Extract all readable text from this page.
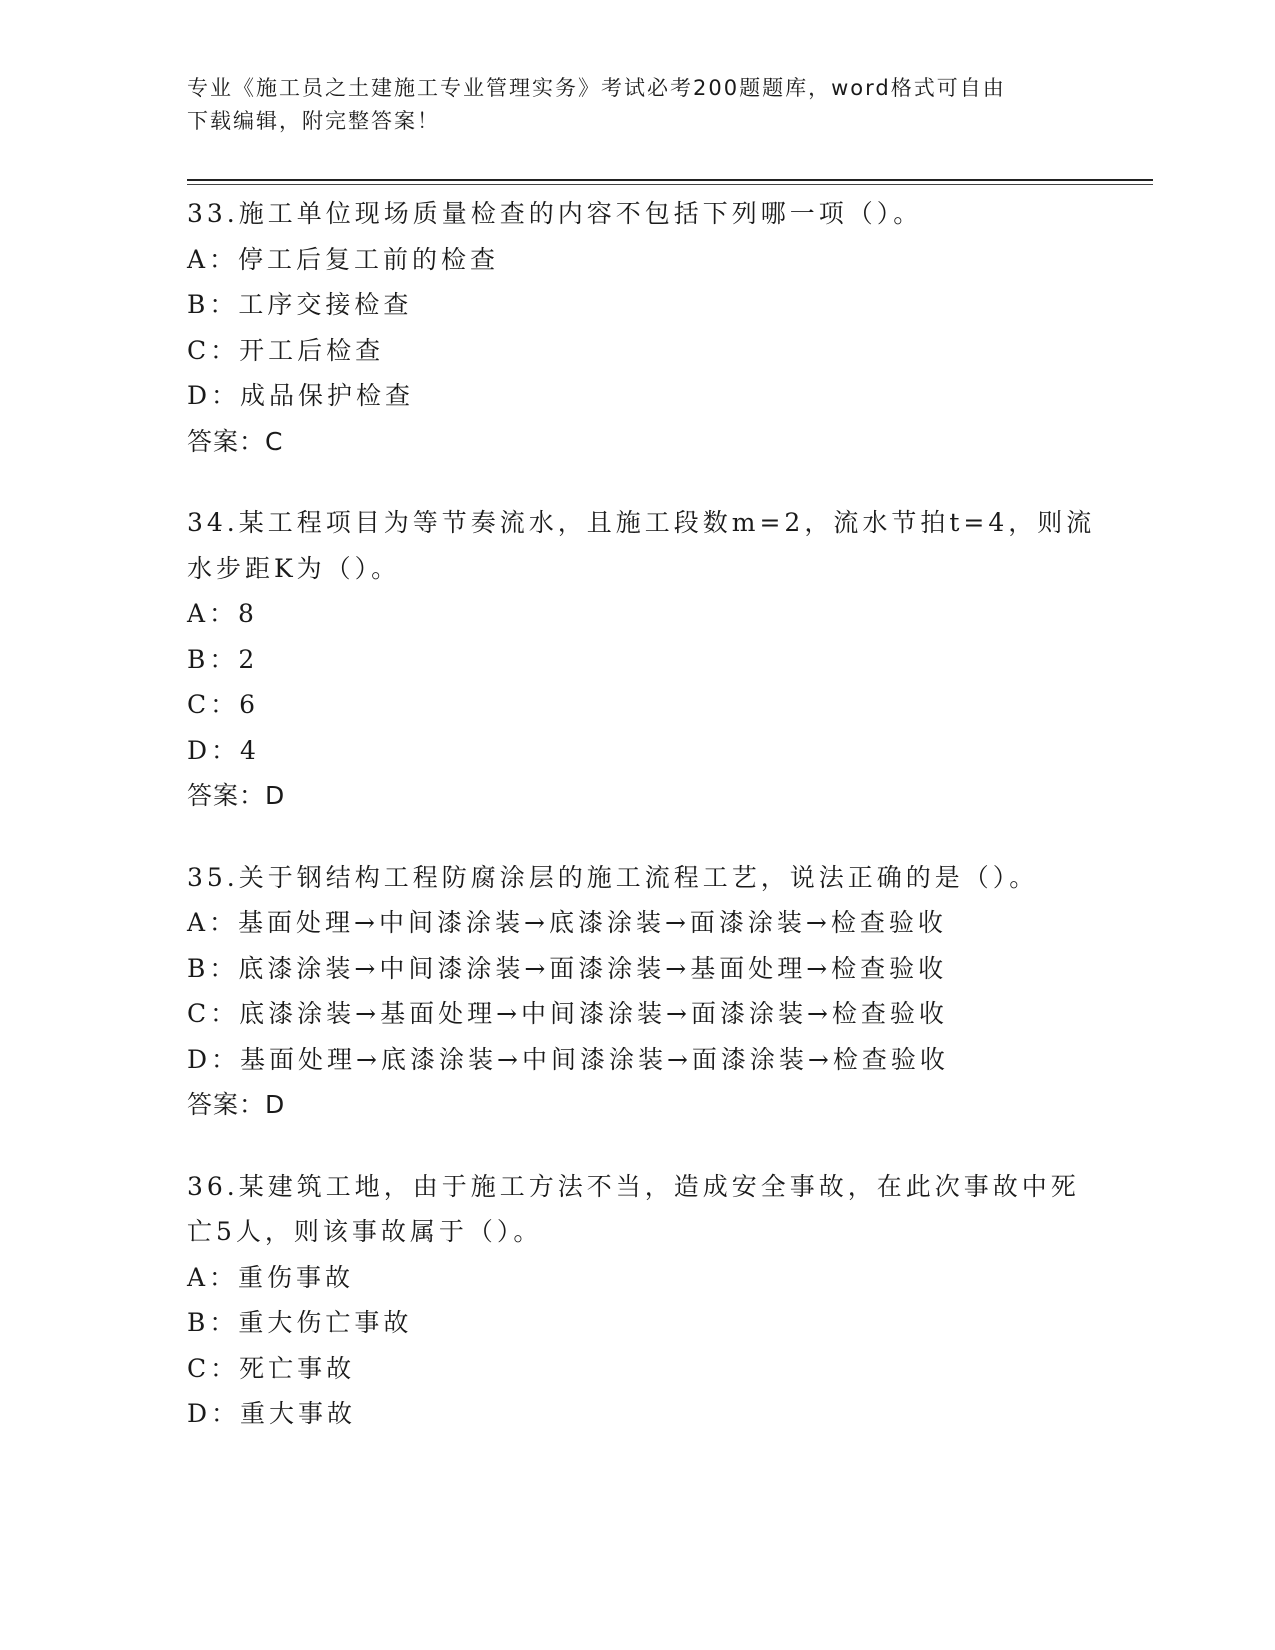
专业《施工员之土建施工专业管理实务》考试必考200题题库，word格式可自由
下载编辑，附完整答案！
33.施工单位现场质量检查的内容不包括下列哪一项（）。
A：停工后复工前的检查
B：工序交接检查
C：开工后检查
D：成品保护检查
答案：C
34.某工程项目为等节奏流水，且施工段数m=2，流水节拍t=4，则流
水步距K为（）。
A：8
B：2
C：6
D：4
答案：D
35.关于钢结构工程防腐涂层的施工流程工艺，说法正确的是（）。
A：基面处理→中间漆涂装→底漆涂装→面漆涂装→检查验收
B：底漆涂装→中间漆涂装→面漆涂装→基面处理→检查验收
C：底漆涂装→基面处理→中间漆涂装→面漆涂装→检查验收
D：基面处理→底漆涂装→中间漆涂装→面漆涂装→检查验收
答案：D
36.某建筑工地，由于施工方法不当，造成安全事故，在此次事故中死
亡5人，则该事故属于（）。
A：重伤事故
B：重大伤亡事故
C：死亡事故
D：重大事故
